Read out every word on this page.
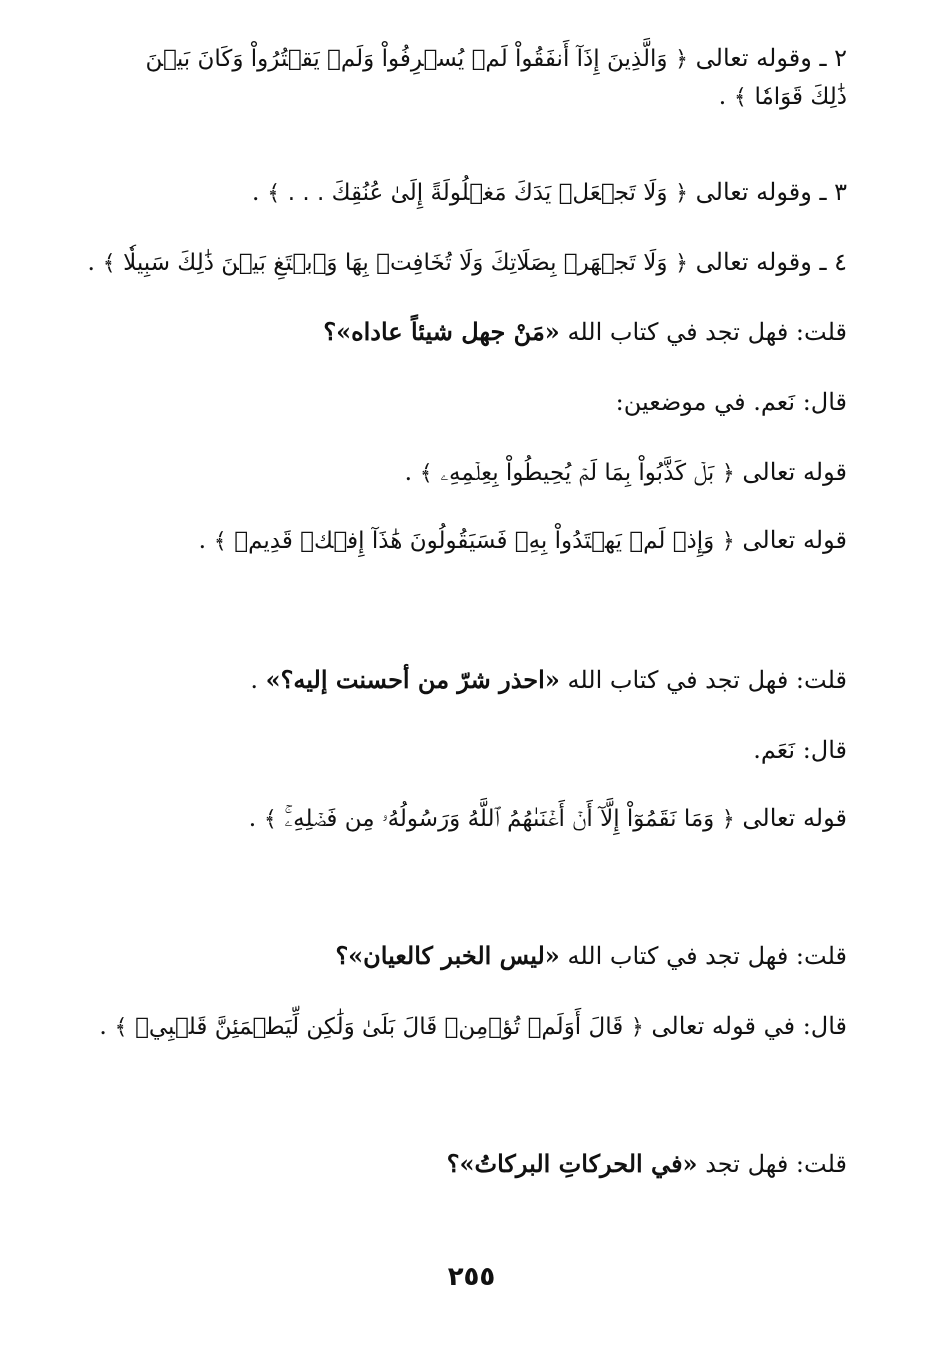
٢ ـ وقوله تعالى ﴿ وَالَّذِينَ إِذَآ أَنفَقُواْ لَمۡ يُسۡرِفُواْ وَلَمۡ يَقۡتُرُواْ وَكَانَ بَيۡنَ ذَٰلِكَ قَوَامٗا ﴾ .
٣ ـ وقوله تعالى ﴿ وَلَا تَجۡعَلۡ يَدَكَ مَغۡلُولَةً إِلَىٰ عُنُقِكَ . . . ﴾ .
٤ ـ وقوله تعالى ﴿ وَلَا تَجۡهَرۡ بِصَلَاتِكَ وَلَا تُخَافِتۡ بِهَا وَٱبۡتَغِ بَيۡنَ ذَٰلِكَ سَبِيلٗا ﴾ .
قلت: فهل تجد في كتاب الله «مَنْ جهل شيئاً عاداه»؟
قال: نَعم. في موضعين:
قوله تعالى ﴿ بَلۡ كَذَّبُواْ بِمَا لَمۡ يُحِيطُواْ بِعِلۡمِهِۦ ﴾ .
قوله تعالى ﴿ وَإِذۡ لَمۡ يَهۡتَدُواْ بِهِۦ فَسَيَقُولُونَ هَٰذَآ إِفۡكٞ قَدِيمٞ ﴾ .
قلت: فهل تجد في كتاب الله «احذر شرّ من أحسنت إليه؟» .
قال: نَعَم.
قوله تعالى ﴿ وَمَا نَقَمُوٓاْ إِلَّآ أَنۡ أَغۡنَىٰهُمُ ٱللَّهُ وَرَسُولُهُۥ مِن فَضۡلِهِۦۚ ﴾ .
قلت: فهل تجد في كتاب الله «ليس الخبر كالعيان»؟
قال: في قوله تعالى ﴿ قَالَ أَوَلَمۡ تُؤۡمِنۖ قَالَ بَلَىٰ وَلَٰكِن لِّيَطۡمَئِنَّ قَلۡبِيۖ ﴾ .
قلت: فهل تجد «في الحركاتِ البركاتُ»؟
٢٥٥
